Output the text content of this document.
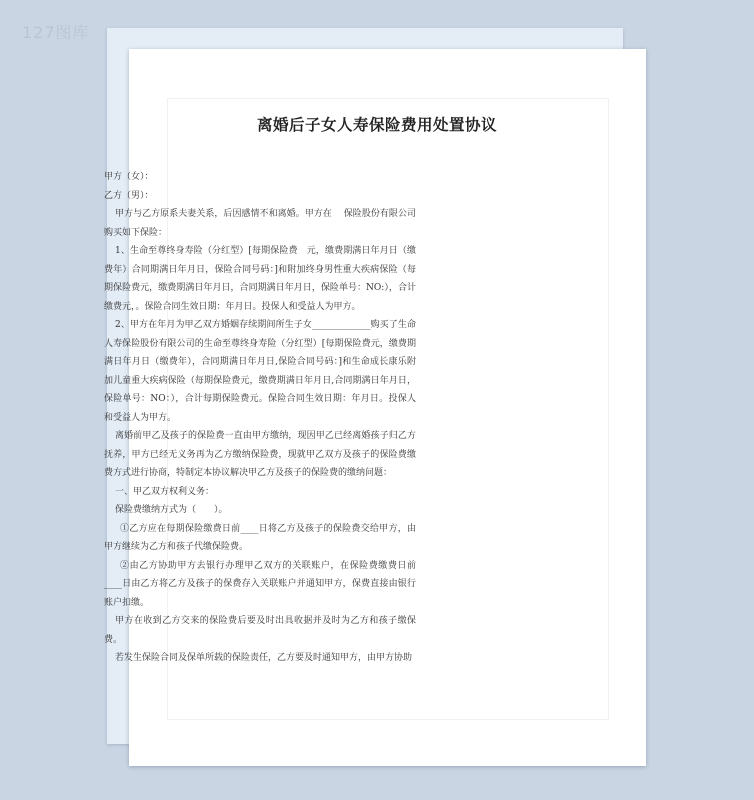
127图库
离婚后子女人寿保险费用处置协议

甲方（女）：

乙方（男）：

甲方与乙方原系夫妻关系，后因感情不和离婚。甲方在　 保险股份有限公司购买如下保险：

1、生命至尊终身寿险（分红型）[每期保险费　元，缴费期满日年月日（缴费年）合同期满日年月日，保险合同号码：]和附加终身男性重大疾病保险（每期保险费元，缴费期满日年月日，合同期满日年月日，保险单号：NO:），合计缴费元，。保险合同生效日期：年月日。投保人和受益人为甲方。

2、甲方在年月为甲乙双方婚姻存续期间所生子女_____________购买了生命人寿保险股份有限公司的生命至尊终身寿险（分红型）[每期保险费元，缴费期满日年月日（缴费年），合同期满日年月日,保险合同号码：]和生命成长康乐附加儿童重大疾病保险（每期保险费元，缴费期满日年月日,合同期满日年月日，保险单号：NO：），合计每期保险费元。保险合同生效日期：年月日。投保人和受益人为甲方。

离婚前甲乙及孩子的保险费一直由甲方缴纳，现因甲乙已经离婚孩子归乙方抚养，甲方已经无义务再为乙方缴纳保险费，现就甲乙双方及孩子的保险费缴费方式进行协商，特制定本协议解决甲乙方及孩子的保险费的缴纳问题：

一、甲乙双方权利义务：

保险费缴纳方式为（　　）。

①乙方应在每期保险缴费日前____日将乙方及孩子的保险费交给甲方，由甲方继续为乙方和孩子代缴保险费。

②由乙方协助甲方去银行办理甲乙双方的关联账户，在保险费缴费日前____日由乙方将乙方及孩子的保费存入关联账户并通知甲方，保费直接由银行账户扣缴。

甲方在收到乙方交来的保险费后要及时出具收据并及时为乙方和孩子缴保费。

若发生保险合同及保单所载的保险责任，乙方要及时通知甲方，由甲方协助
